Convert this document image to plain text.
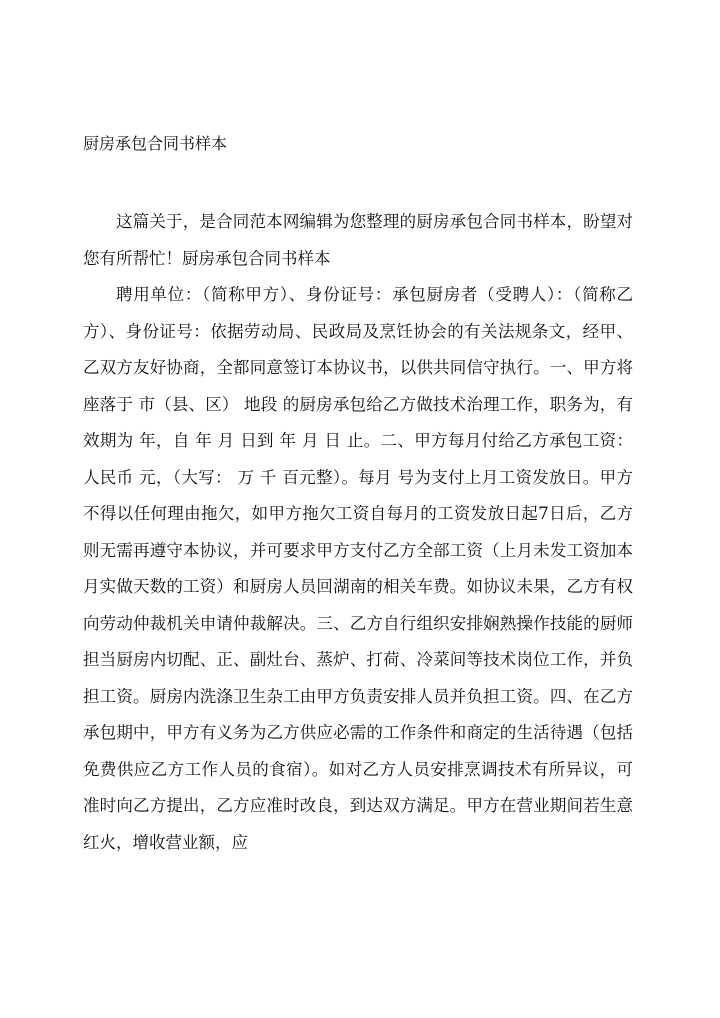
厨房承包合同书样本

这篇关于，是合同范本网编辑为您整理的厨房承包合同书样本，盼望对您有所帮忙！厨房承包合同书样本

聘用单位：（简称甲方）、身份证号：承包厨房者（受聘人）：（简称乙方）、身份证号：依据劳动局、民政局及烹饪协会的有关法规条文，经甲、乙双方友好协商，全都同意签订本协议书，以供共同信守执行。一、甲方将座落于 市（县、区） 地段 的厨房承包给乙方做技术治理工作，职务为，有效期为 年，自 年 月 日到 年 月 日 止。二、甲方每月付给乙方承包工资：人民币 元，（大写： 万 千 百元整）。每月 号为支付上月工资发放日。甲方不得以任何理由拖欠，如甲方拖欠工资自每月的工资发放日起7日后，乙方则无需再遵守本协议，并可要求甲方支付乙方全部工资（上月未发工资加本月实做天数的工资）和厨房人员回湖南的相关车费。如协议未果，乙方有权向劳动仲裁机关申请仲裁解决。三、乙方自行组织安排娴熟操作技能的厨师担当厨房内切配、正、副灶台、蒸炉、打荷、冷菜间等技术岗位工作，并负担工资。厨房内洗涤卫生杂工由甲方负责安排人员并负担工资。四、在乙方承包期中，甲方有义务为乙方供应必需的工作条件和商定的生活待遇（包括免费供应乙方工作人员的食宿）。如对乙方人员安排烹调技术有所异议，可准时向乙方提出，乙方应准时改良，到达双方满足。甲方在营业期间若生意红火，增收营业额，应
